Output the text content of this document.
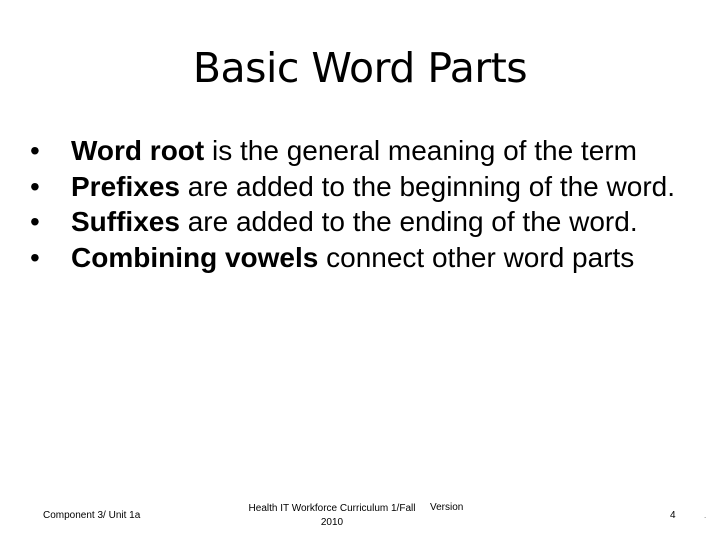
Basic Word Parts
•	Word root is the general meaning of the term
•	Prefixes are added to the beginning of the word.
•	Suffixes are added to the ending of the word.
•	Combining vowels connect other word parts
Component 3/ Unit 1a
Health IT Workforce Curriculum 1/Fall 2010
Version
4	.
